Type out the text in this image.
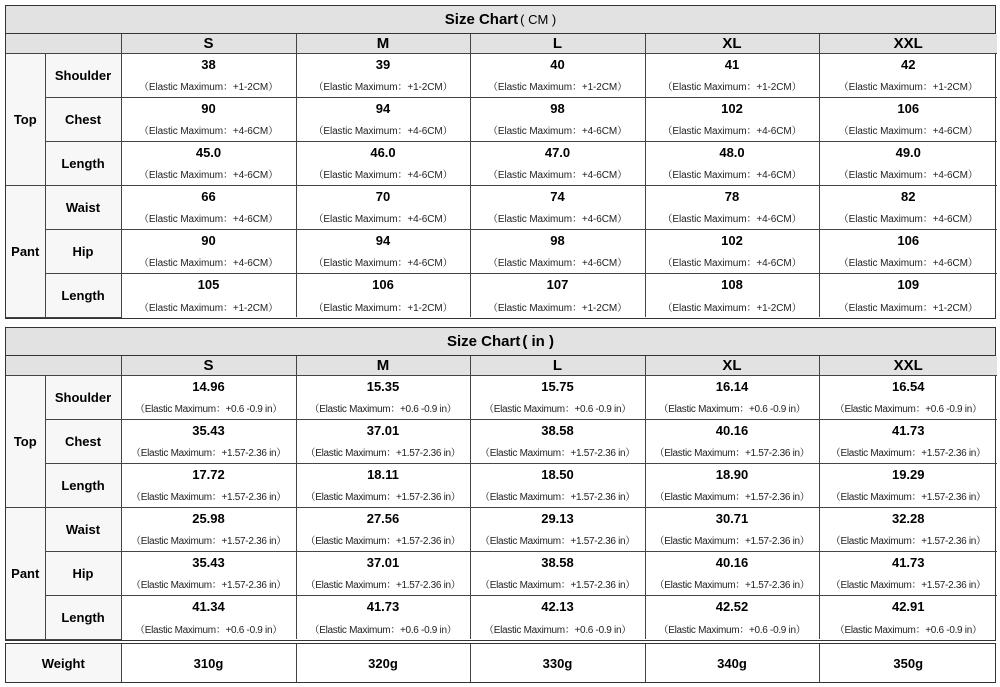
Size Chart ( CM )
		S	M	L	XL	XXL
Top	Shoulder	38	39	40	41	42
		（Elastic Maximum：+1-2CM）	（Elastic Maximum：+1-2CM）	（Elastic Maximum：+1-2CM）	（Elastic Maximum：+1-2CM）	（Elastic Maximum：+1-2CM）
	Chest	90	94	98	102	106
		（Elastic Maximum：+4-6CM）	（Elastic Maximum：+4-6CM）	（Elastic Maximum：+4-6CM）	（Elastic Maximum：+4-6CM）	（Elastic Maximum：+4-6CM）
	Length	45.0	46.0	47.0	48.0	49.0
		（Elastic Maximum：+4-6CM）	（Elastic Maximum：+4-6CM）	（Elastic Maximum：+4-6CM）	（Elastic Maximum：+4-6CM）	（Elastic Maximum：+4-6CM）
Pant	Waist	66	70	74	78	82
		（Elastic Maximum：+4-6CM）	（Elastic Maximum：+4-6CM）	（Elastic Maximum：+4-6CM）	（Elastic Maximum：+4-6CM）	（Elastic Maximum：+4-6CM）
	Hip	90	94	98	102	106
		（Elastic Maximum：+4-6CM）	（Elastic Maximum：+4-6CM）	（Elastic Maximum：+4-6CM）	（Elastic Maximum：+4-6CM）	（Elastic Maximum：+4-6CM）
	Length	105	106	107	108	109
		（Elastic Maximum：+1-2CM）	（Elastic Maximum：+1-2CM）	（Elastic Maximum：+1-2CM）	（Elastic Maximum：+1-2CM）	（Elastic Maximum：+1-2CM）
Size Chart ( in )
		S	M	L	XL	XXL
Top	Shoulder	14.96	15.35	15.75	16.14	16.54
		（Elastic Maximum：+0.6 -0.9 in）	（Elastic Maximum：+0.6 -0.9 in）	（Elastic Maximum：+0.6 -0.9 in）	（Elastic Maximum：+0.6 -0.9 in）	（Elastic Maximum：+0.6 -0.9 in）
	Chest	35.43	37.01	38.58	40.16	41.73
		（Elastic Maximum：+1.57-2.36 in）	（Elastic Maximum：+1.57-2.36 in）	（Elastic Maximum：+1.57-2.36 in）	（Elastic Maximum：+1.57-2.36 in）	（Elastic Maximum：+1.57-2.36 in）
	Length	17.72	18.11	18.50	18.90	19.29
		（Elastic Maximum：+1.57-2.36 in）	（Elastic Maximum：+1.57-2.36 in）	（Elastic Maximum：+1.57-2.36 in）	（Elastic Maximum：+1.57-2.36 in）	（Elastic Maximum：+1.57-2.36 in）
Pant	Waist	25.98	27.56	29.13	30.71	32.28
		（Elastic Maximum：+1.57-2.36 in）	（Elastic Maximum：+1.57-2.36 in）	（Elastic Maximum：+1.57-2.36 in）	（Elastic Maximum：+1.57-2.36 in）	（Elastic Maximum：+1.57-2.36 in）
	Hip	35.43	37.01	38.58	40.16	41.73
		（Elastic Maximum：+1.57-2.36 in）	（Elastic Maximum：+1.57-2.36 in）	（Elastic Maximum：+1.57-2.36 in）	（Elastic Maximum：+1.57-2.36 in）	（Elastic Maximum：+1.57-2.36 in）
	Length	41.34	41.73	42.13	42.52	42.91
		（Elastic Maximum：+0.6 -0.9 in）	（Elastic Maximum：+0.6 -0.9 in）	（Elastic Maximum：+0.6 -0.9 in）	（Elastic Maximum：+0.6 -0.9 in）	（Elastic Maximum：+0.6 -0.9 in）
Weight	310g	320g	330g	340g	350g
